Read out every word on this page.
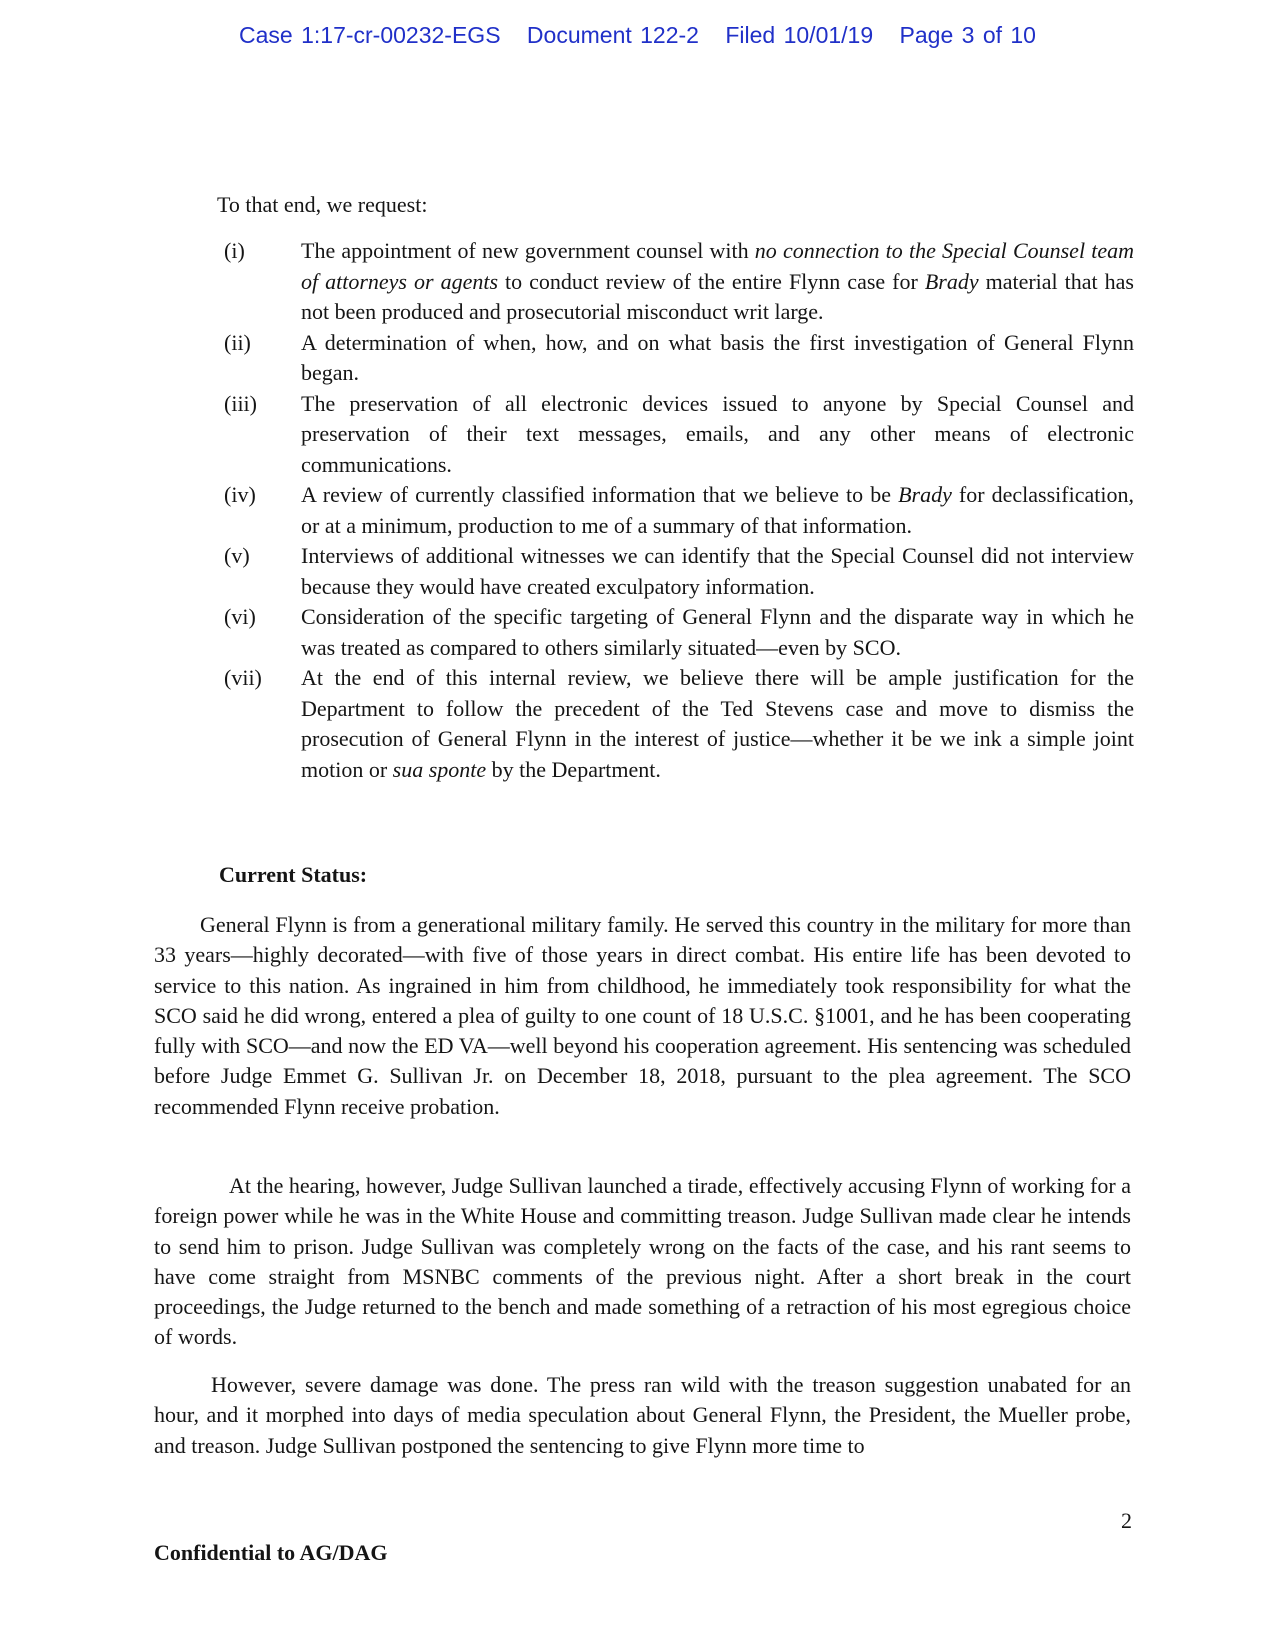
Case 1:17-cr-00232-EGS Document 122-2 Filed 10/01/19 Page 3 of 10
To that end, we request:
(i)	The appointment of new government counsel with no connection to the Special Counsel team of attorneys or agents to conduct review of the entire Flynn case for Brady material that has not been produced and prosecutorial misconduct writ large.
(ii)	A determination of when, how, and on what basis the first investigation of General Flynn began.
(iii)	The preservation of all electronic devices issued to anyone by Special Counsel and preservation of their text messages, emails, and any other means of electronic communications.
(iv)	A review of currently classified information that we believe to be Brady for declassification, or at a minimum, production to me of a summary of that information.
(v)	Interviews of additional witnesses we can identify that the Special Counsel did not interview because they would have created exculpatory information.
(vi)	Consideration of the specific targeting of General Flynn and the disparate way in which he was treated as compared to others similarly situated—even by SCO.
(vii)	At the end of this internal review, we believe there will be ample justification for the Department to follow the precedent of the Ted Stevens case and move to dismiss the prosecution of General Flynn in the interest of justice—whether it be we ink a simple joint motion or sua sponte by the Department.
Current Status:
General Flynn is from a generational military family. He served this country in the military for more than 33 years—highly decorated—with five of those years in direct combat. His entire life has been devoted to service to this nation. As ingrained in him from childhood, he immediately took responsibility for what the SCO said he did wrong, entered a plea of guilty to one count of 18 U.S.C. §1001, and he has been cooperating fully with SCO—and now the ED VA—well beyond his cooperation agreement. His sentencing was scheduled before Judge Emmet G. Sullivan Jr. on December 18, 2018, pursuant to the plea agreement. The SCO recommended Flynn receive probation.
At the hearing, however, Judge Sullivan launched a tirade, effectively accusing Flynn of working for a foreign power while he was in the White House and committing treason. Judge Sullivan made clear he intends to send him to prison. Judge Sullivan was completely wrong on the facts of the case, and his rant seems to have come straight from MSNBC comments of the previous night. After a short break in the court proceedings, the Judge returned to the bench and made something of a retraction of his most egregious choice of words.
However, severe damage was done. The press ran wild with the treason suggestion unabated for an hour, and it morphed into days of media speculation about General Flynn, the President, the Mueller probe, and treason. Judge Sullivan postponed the sentencing to give Flynn more time to
2
Confidential to AG/DAG
